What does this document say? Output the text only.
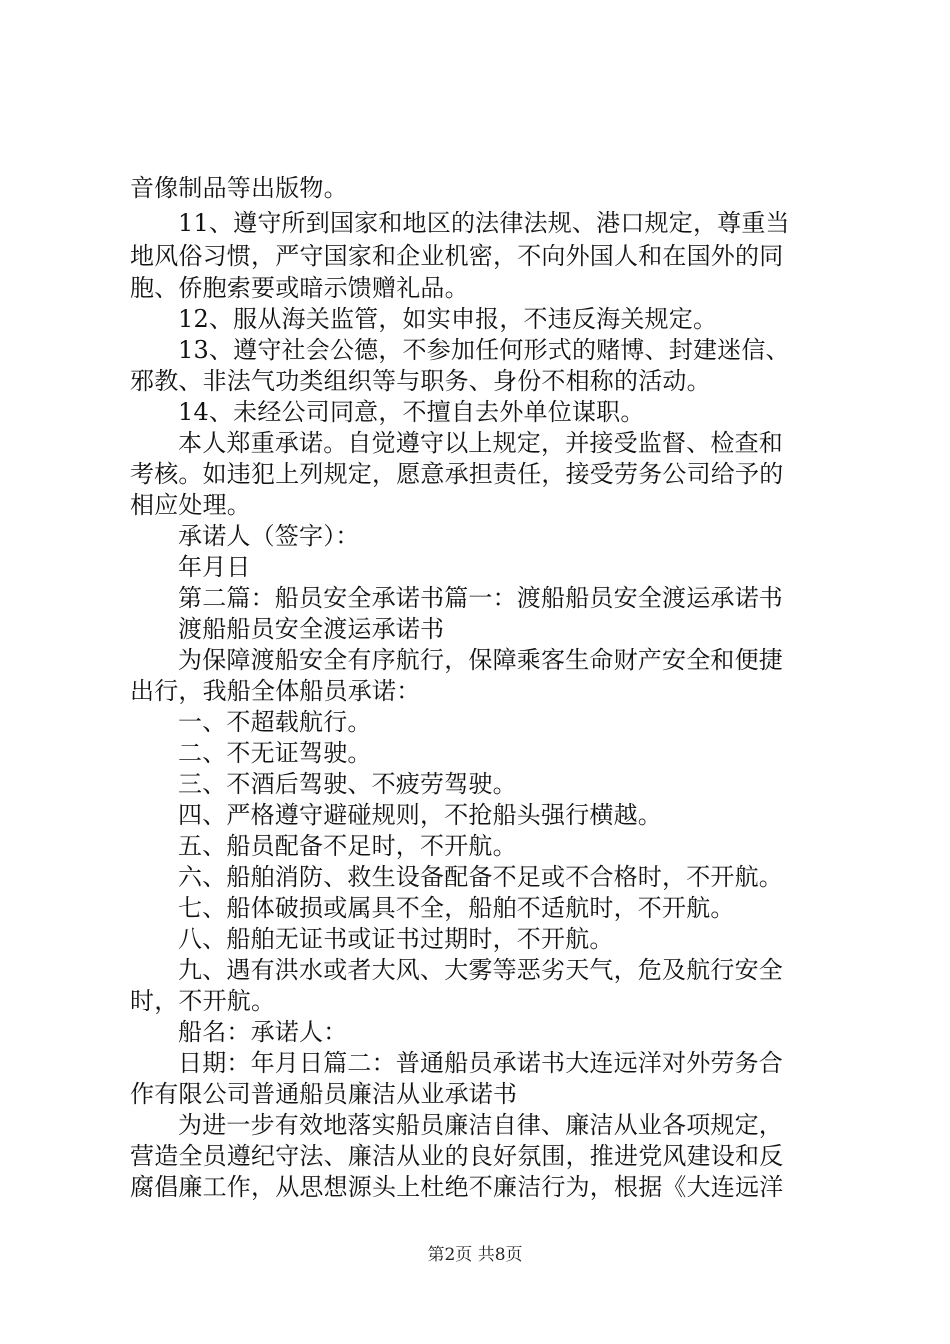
音像制品等出版物。
11、遵守所到国家和地区的法律法规、港口规定，尊重当
地风俗习惯，严守国家和企业机密，不向外国人和在国外的同
胞、侨胞索要或暗示馈赠礼品。
12、服从海关监管，如实申报，不违反海关规定。
13、遵守社会公德，不参加任何形式的赌博、封建迷信、
邪教、非法气功类组织等与职务、身份不相称的活动。
14、未经公司同意，不擅自去外单位谋职。
本人郑重承诺。自觉遵守以上规定，并接受监督、检查和
考核。如违犯上列规定，愿意承担责任，接受劳务公司给予的
相应处理。
承诺人（签字）：
年月日
第二篇：船员安全承诺书篇一：渡船船员安全渡运承诺书
渡船船员安全渡运承诺书
为保障渡船安全有序航行，保障乘客生命财产安全和便捷
出行，我船全体船员承诺：
一、不超载航行。
二、不无证驾驶。
三、不酒后驾驶、不疲劳驾驶。
四、严格遵守避碰规则，不抢船头强行横越。
五、船员配备不足时，不开航。
六、船舶消防、救生设备配备不足或不合格时，不开航。
七、船体破损或属具不全，船舶不适航时，不开航。
八、船舶无证书或证书过期时，不开航。
九、遇有洪水或者大风、大雾等恶劣天气，危及航行安全
时，不开航。
船名：承诺人：
日期：年月日篇二：普通船员承诺书大连远洋对外劳务合
作有限公司普通船员廉洁从业承诺书
为进一步有效地落实船员廉洁自律、廉洁从业各项规定，
营造全员遵纪守法、廉洁从业的良好氛围，推进党风建设和反
腐倡廉工作，从思想源头上杜绝不廉洁行为，根据《大连远洋
第2页 共8页
